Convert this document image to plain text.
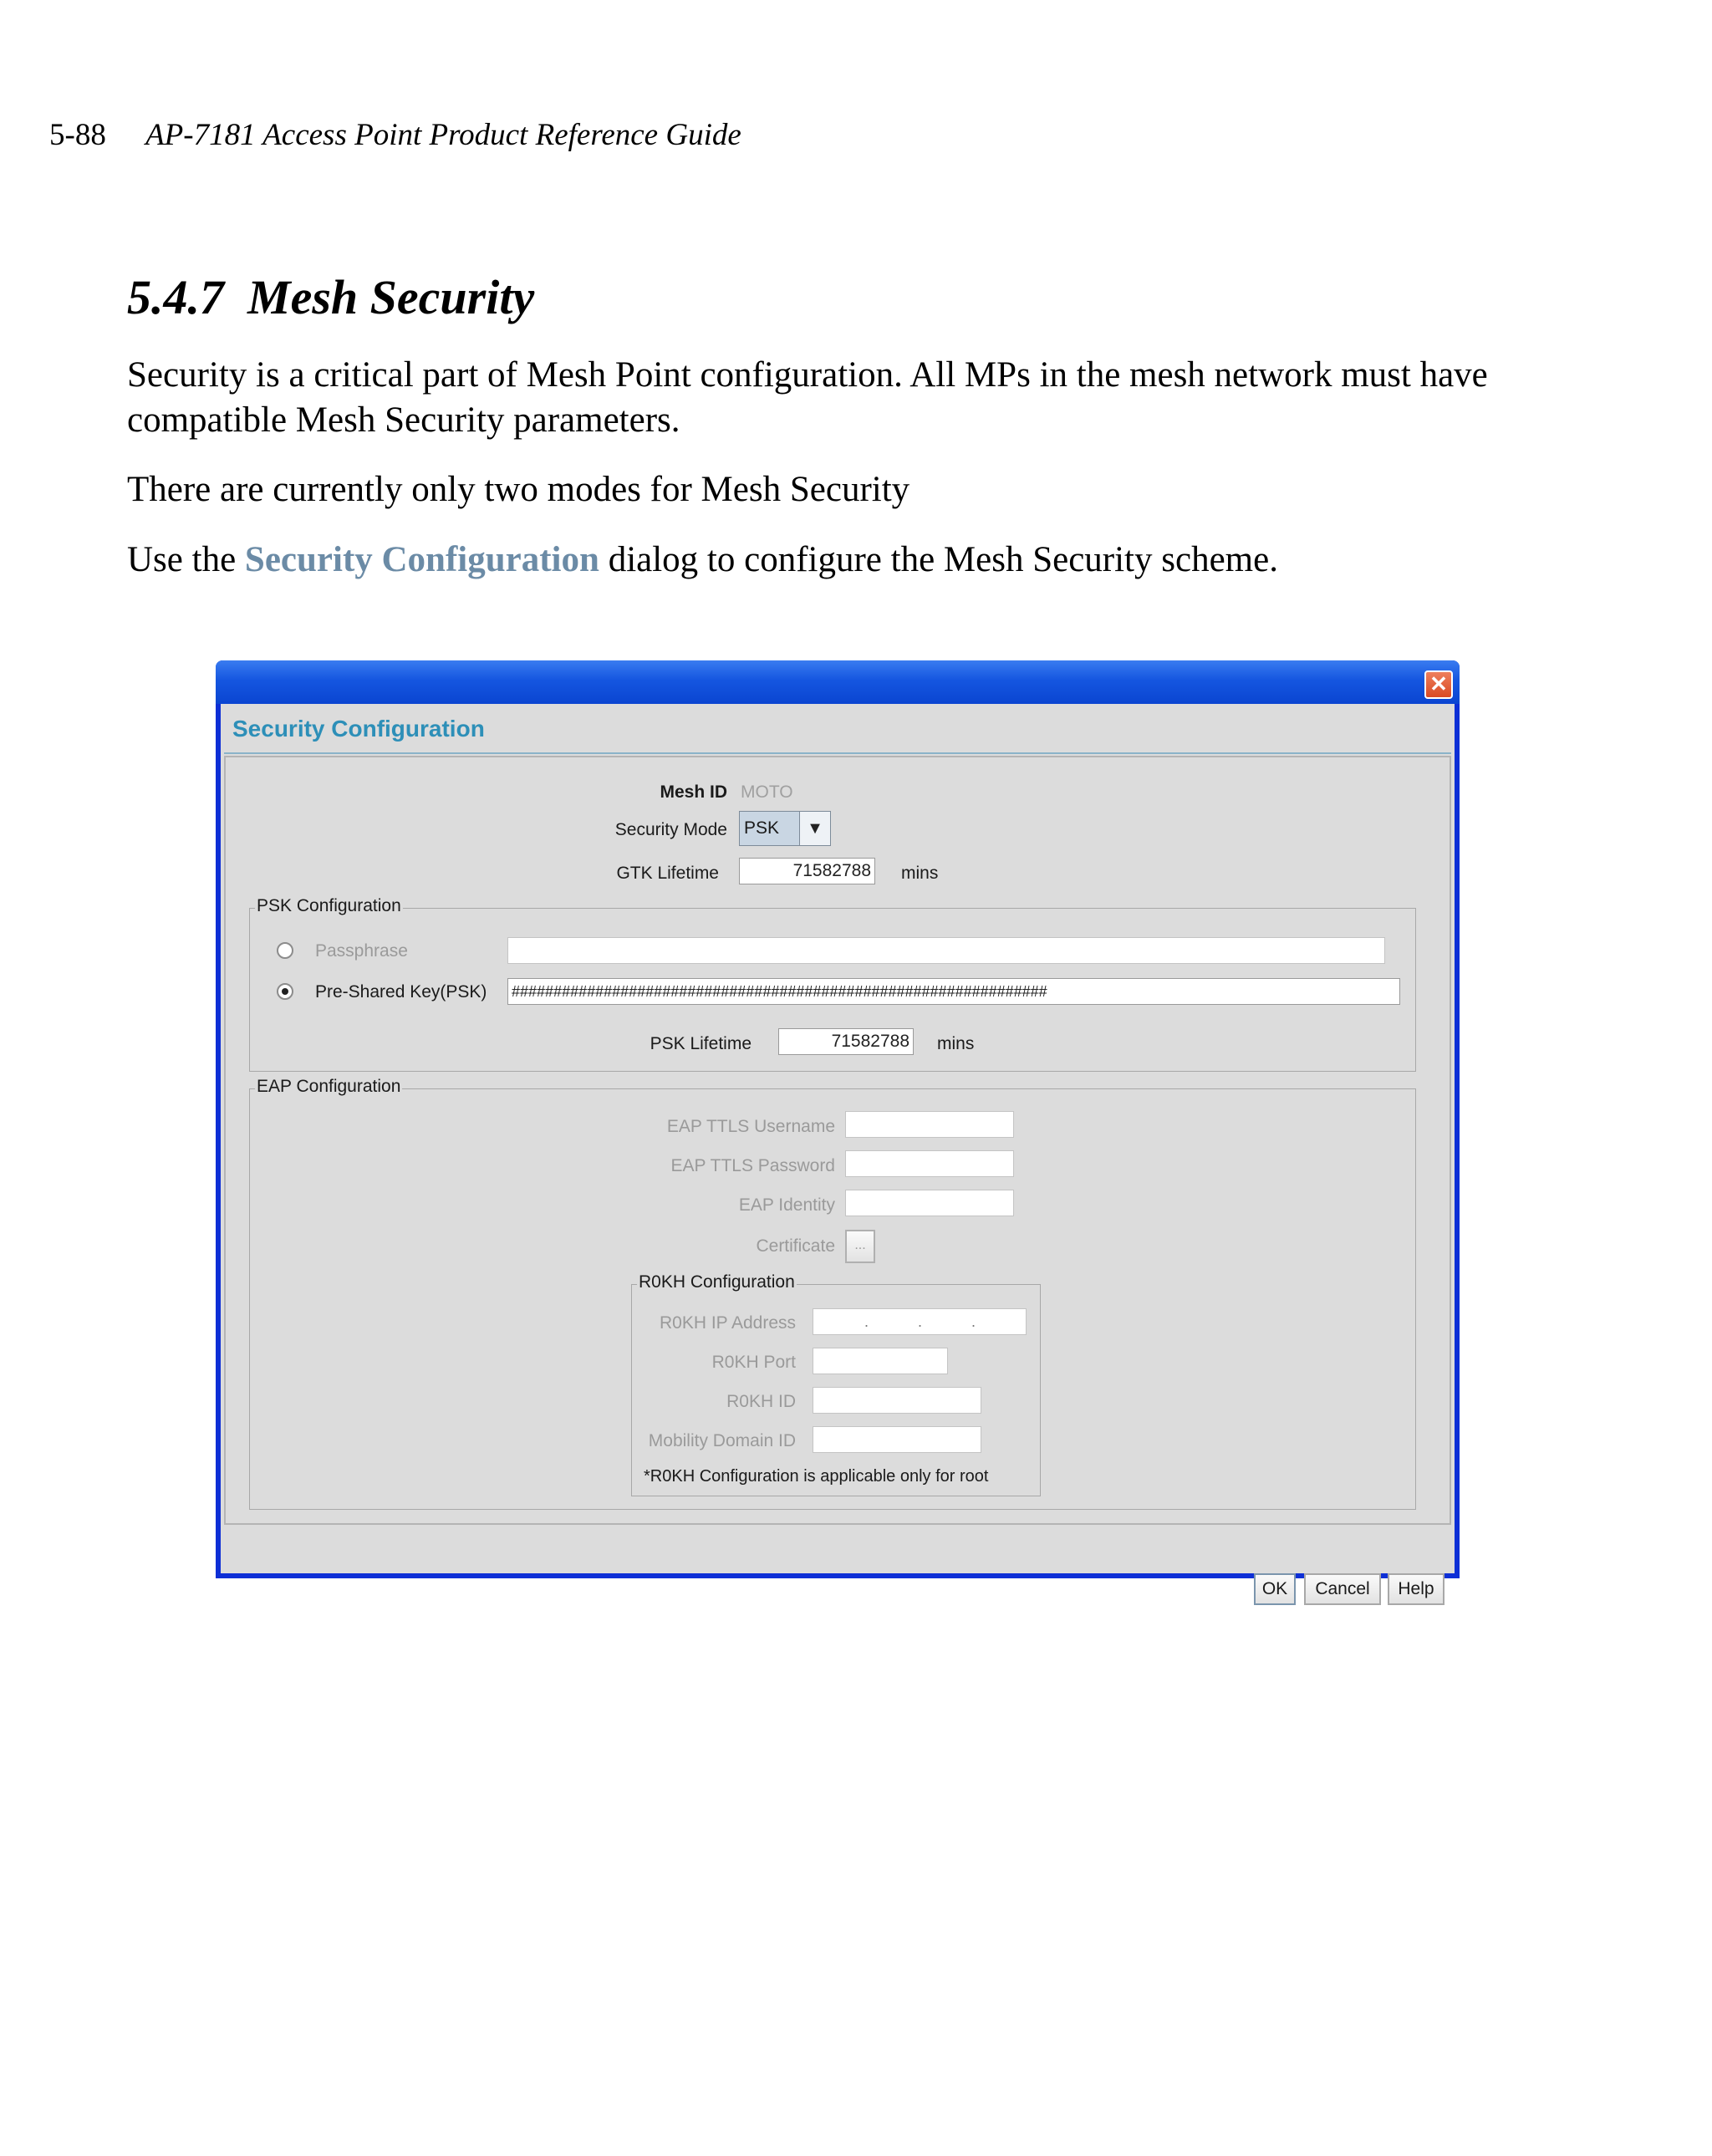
5-88 AP-7181 Access Point Product Reference Guide
5.4.7 Mesh Security

Security is a critical part of Mesh Point configuration. All MPs in the mesh network must have compatible Mesh Security parameters.

There are currently only two modes for Mesh Security

Use the Security Configuration dialog to configure the Mesh Security scheme.

✕
Security Configuration
Mesh ID MOTO
Security Mode PSK	▼
GTK Lifetime	71582788 mins
PSK Configuration
Passphrase
Pre-Shared Key(PSK) ################################################################
PSK Lifetime	71582788 mins
EAP Configuration
EAP TTLS Username
EAP TTLS Password
EAP Identity
Certificate	...
R0KH Configuration
R0KH IP Address	.	.	.
R0KH Port
R0KH ID
Mobility Domain ID
*R0KH Configuration is applicable only for root
OK	Cancel	Help
